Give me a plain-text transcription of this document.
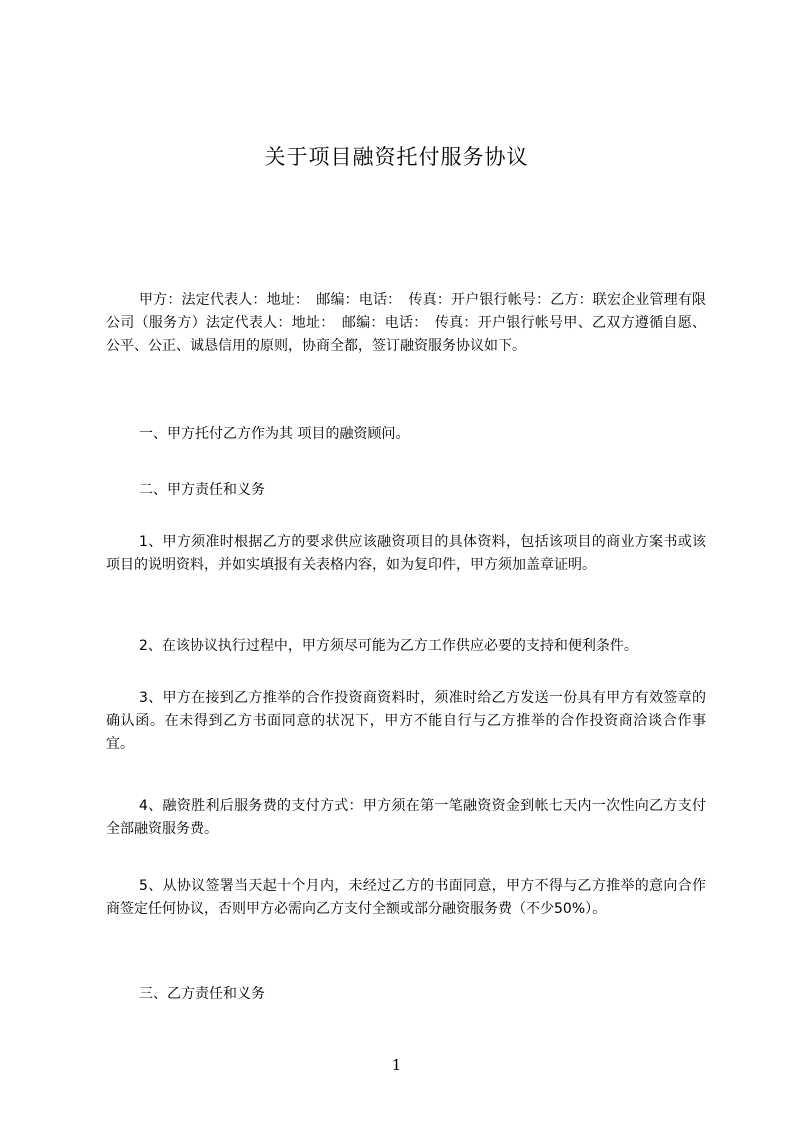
关于项目融资托付服务协议

甲方：法定代表人：地址：　邮编：电话：　传真：开户银行帐号：乙方：联宏企业管理有限公司（服务方）法定代表人：地址：　邮编：电话：　传真：开户银行帐号甲、乙双方遵循自愿、公平、公正、诚恳信用的原则，协商全都，签订融资服务协议如下。

一、甲方托付乙方作为其 项目的融资顾问。

二、甲方责任和义务

1、甲方须准时根据乙方的要求供应该融资项目的具体资料，包括该项目的商业方案书或该项目的说明资料，并如实填报有关表格内容，如为复印件，甲方须加盖章证明。

2、在该协议执行过程中，甲方须尽可能为乙方工作供应必要的支持和便利条件。

3、甲方在接到乙方推举的合作投资商资料时，须准时给乙方发送一份具有甲方有效签章的确认函。在未得到乙方书面同意的状况下，甲方不能自行与乙方推举的合作投资商洽谈合作事宜。

4、融资胜利后服务费的支付方式：甲方须在第一笔融资资金到帐七天内一次性向乙方支付全部融资服务费。

5、从协议签署当天起十个月内，未经过乙方的书面同意，甲方不得与乙方推举的意向合作商签定任何协议，否则甲方必需向乙方支付全额或部分融资服务费（不少50%）。

三、乙方责任和义务

1
